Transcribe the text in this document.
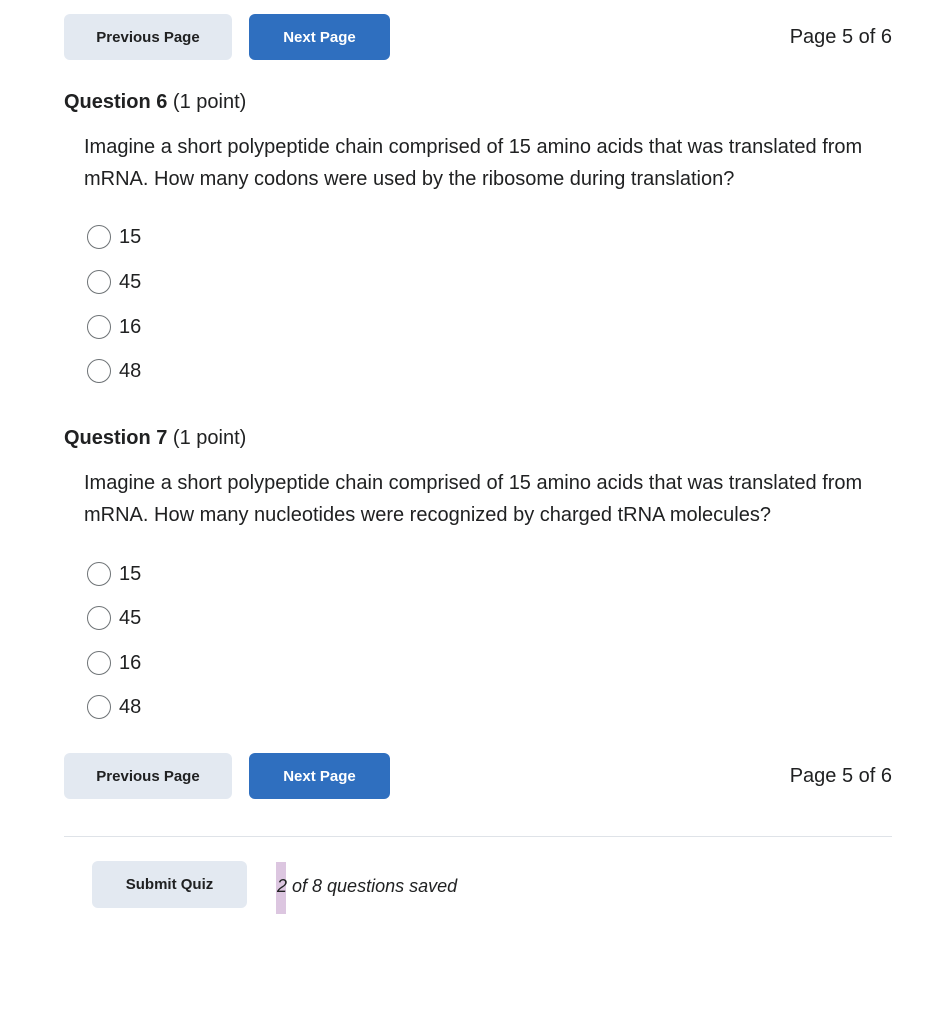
Previous Page	Next Page	Page 5 of 6
Question 6 (1 point)
Imagine a short polypeptide chain comprised of 15 amino acids that was translated from mRNA. How many codons were used by the ribosome during translation?
15
45
16
48
Question 7 (1 point)
Imagine a short polypeptide chain comprised of 15 amino acids that was translated from mRNA. How many nucleotides were recognized by charged tRNA molecules?
15
45
16
48
Previous Page	Next Page	Page 5 of 6
Submit Quiz	2 of 8 questions saved
